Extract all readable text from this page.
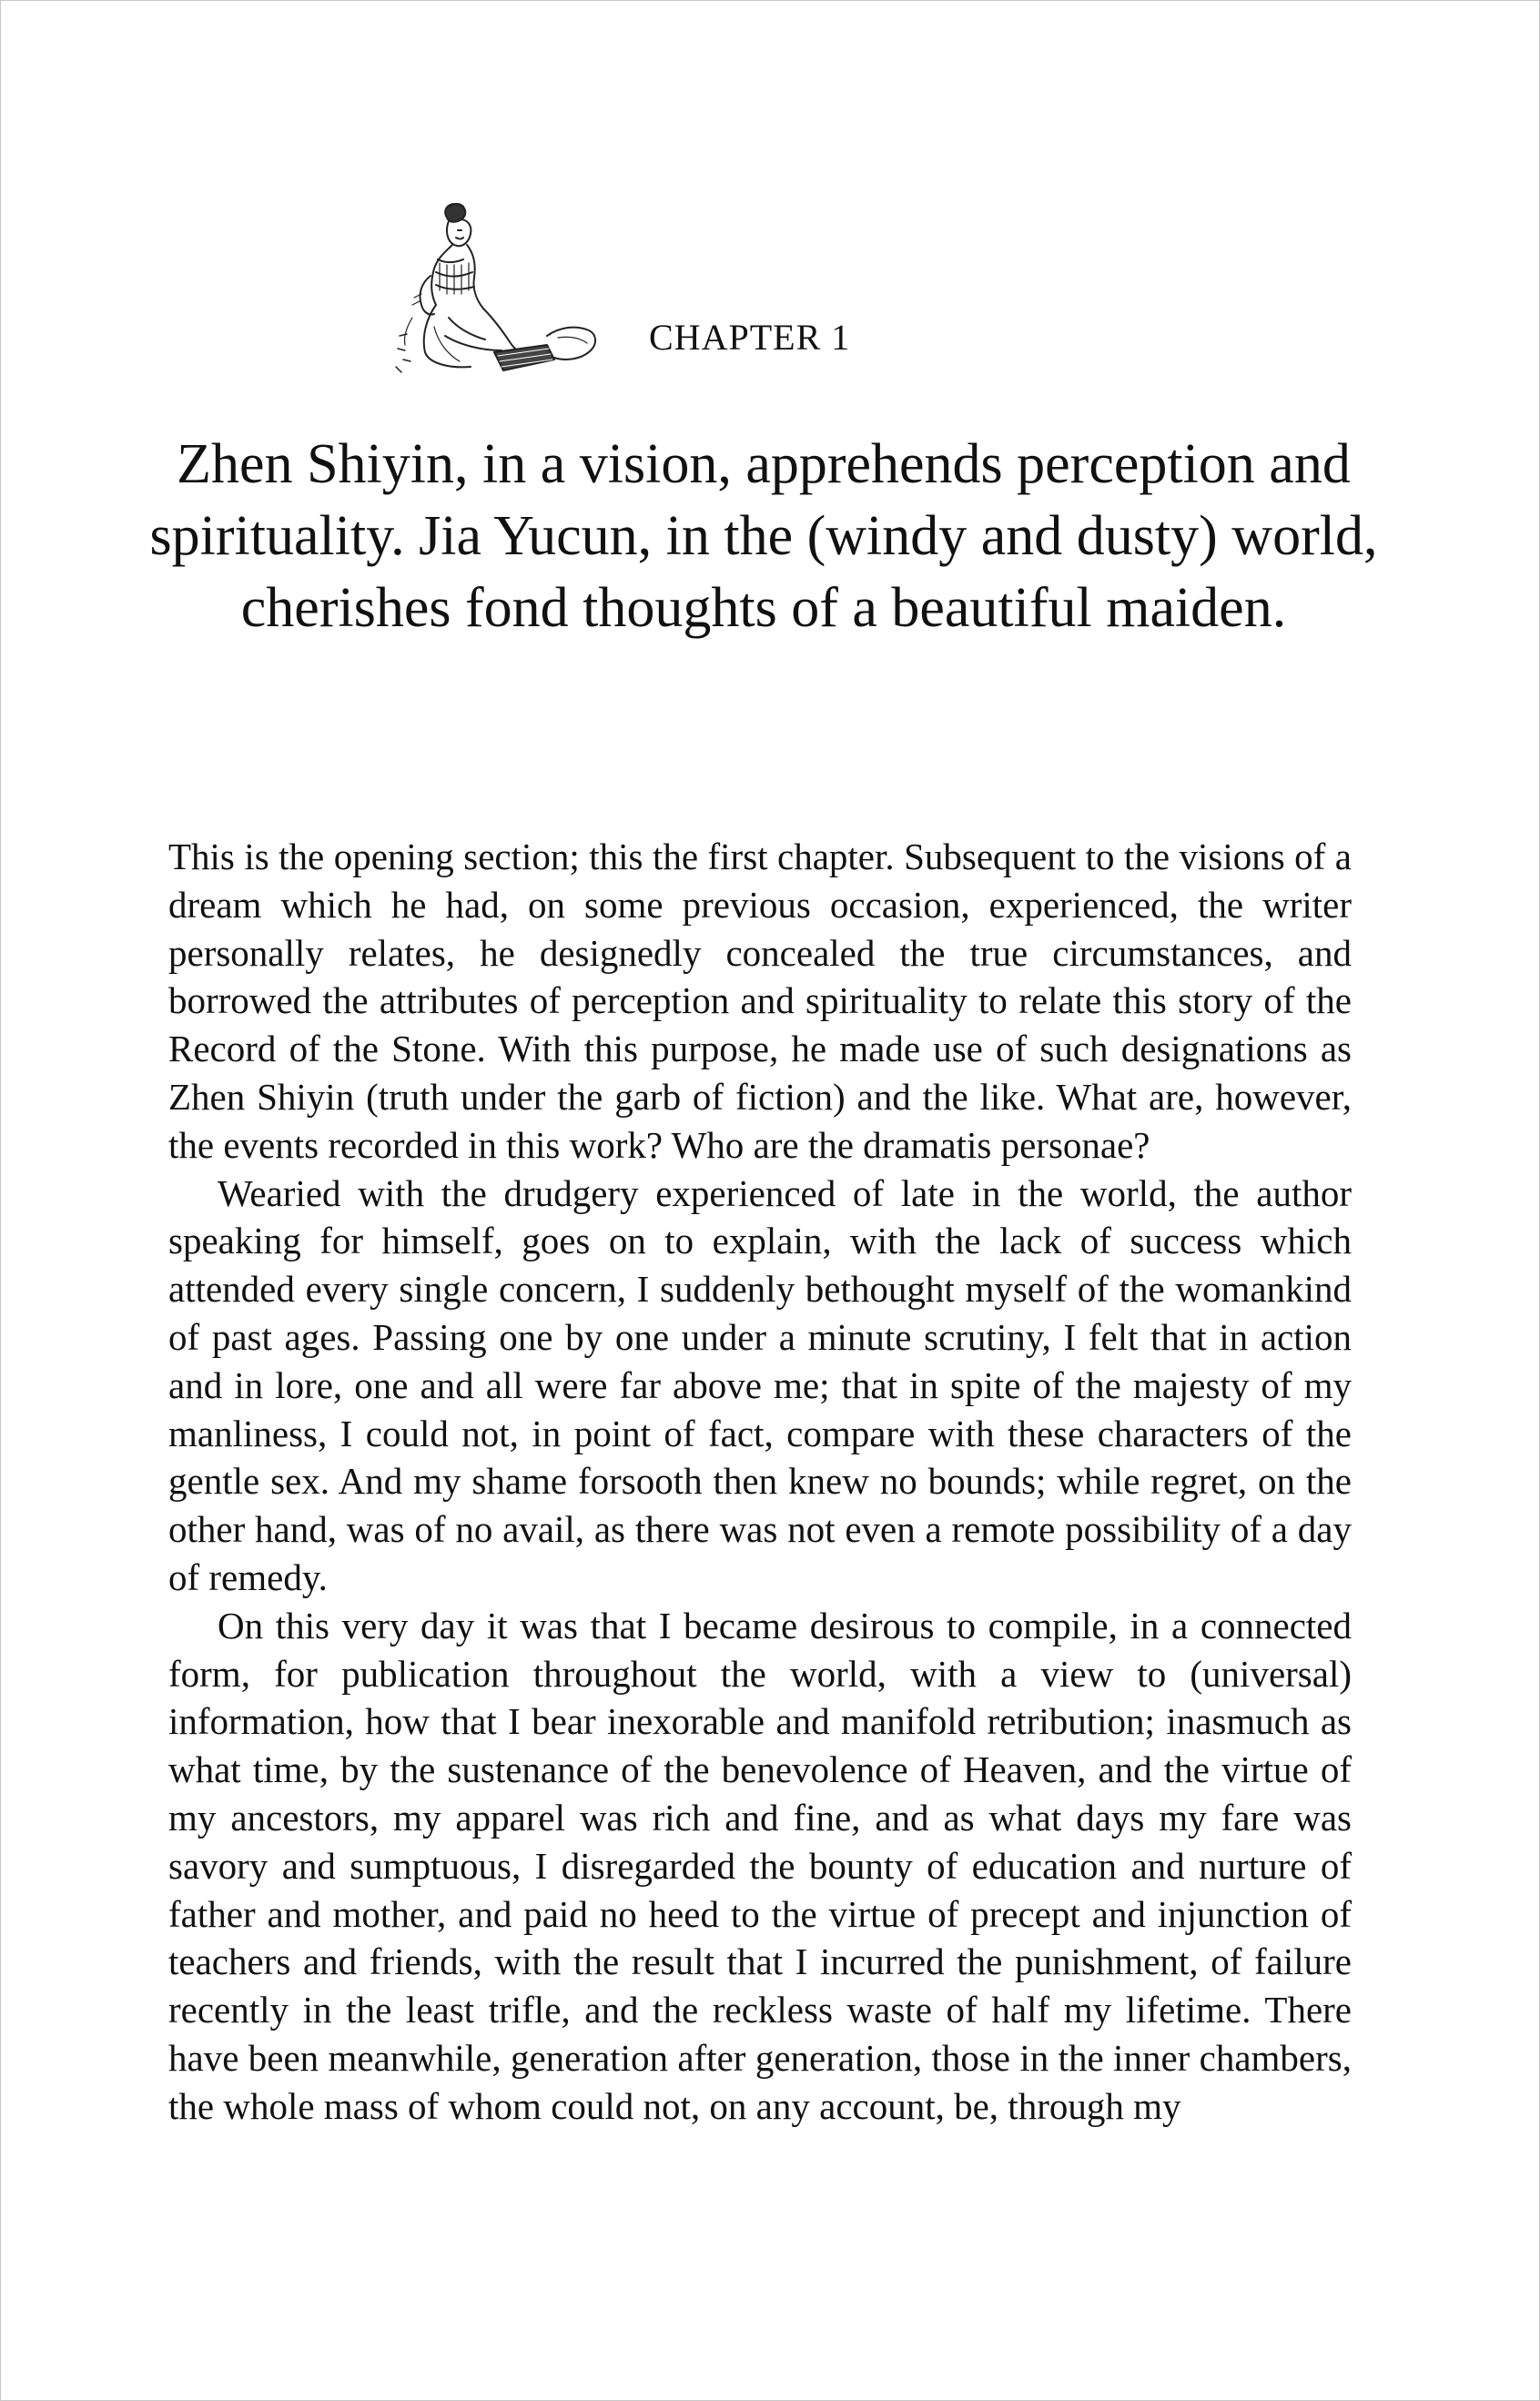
CHAPTER 1
Zhen Shiyin, in a vision, apprehends perception and spirituality. Jia Yucun, in the (windy and dusty) world, cherishes fond thoughts of a beautiful maiden.

This is the opening section; this the first chapter. Subsequent to the visions of a dream which he had, on some previous occasion, experienced, the writer personally relates, he designedly concealed the true circumstances, and borrowed the attributes of perception and spirituality to relate this story of the Record of the Stone. With this purpose, he made use of such designations as Zhen Shiyin (truth under the garb of fiction) and the like. What are, however, the events recorded in this work? Who are the dramatis personae?

Wearied with the drudgery experienced of late in the world, the author speaking for himself, goes on to explain, with the lack of success which attended every single concern, I suddenly bethought myself of the womankind of past ages. Passing one by one under a minute scrutiny, I felt that in action and in lore, one and all were far above me; that in spite of the majesty of my manliness, I could not, in point of fact, compare with these characters of the gentle sex. And my shame forsooth then knew no bounds; while regret, on the other hand, was of no avail, as there was not even a remote possibility of a day of remedy.

On this very day it was that I became desirous to compile, in a connected form, for publication throughout the world, with a view to (universal) information, how that I bear inexorable and manifold retribution; inasmuch as what time, by the sustenance of the benevolence of Heaven, and the virtue of my ancestors, my apparel was rich and fine, and as what days my fare was savory and sumptuous, I disregarded the bounty of education and nurture of father and mother, and paid no heed to the virtue of precept and injunction of teachers and friends, with the result that I incurred the punishment, of failure recently in the least trifle, and the reckless waste of half my lifetime. There have been meanwhile, generation after generation, those in the inner chambers, the whole mass of whom could not, on any account, be, through my
